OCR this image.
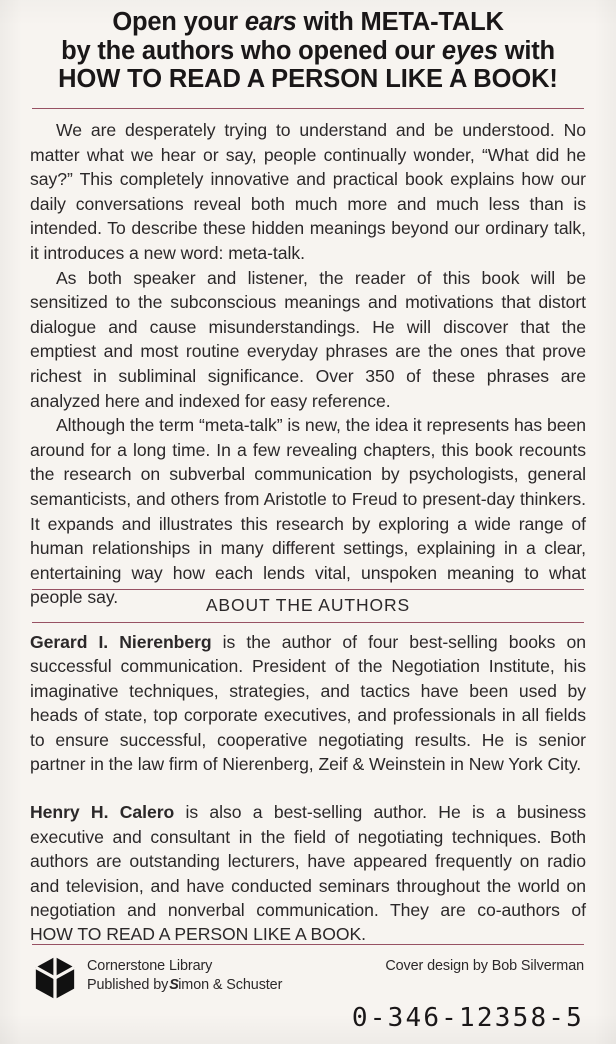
Open your ears with META-TALK
by the authors who opened our eyes with
HOW TO READ A PERSON LIKE A BOOK!

We are desperately trying to understand and be understood. No matter what we hear or say, people continually wonder, “What did he say?” This completely innovative and practical book explains how our daily conversations reveal both much more and much less than is intended. To describe these hidden meanings beyond our ordinary talk, it introduces a new word: meta-talk.

As both speaker and listener, the reader of this book will be sensitized to the subconscious meanings and motivations that distort dialogue and cause misunderstandings. He will discover that the emptiest and most routine everyday phrases are the ones that prove richest in subliminal significance. Over 350 of these phrases are analyzed here and indexed for easy reference.

Although the term “meta-talk” is new, the idea it represents has been around for a long time. In a few revealing chapters, this book recounts the research on subverbal communication by psychologists, general semanticists, and others from Aristotle to Freud to present-day thinkers. It expands and illustrates this research by exploring a wide range of human relationships in many different settings, explaining in a clear, entertaining way how each lends vital, unspoken meaning to what people say.	ABOUT THE AUTHORS

Gerard I. Nierenberg is the author of four best-selling books on successful communication. President of the Negotiation Institute, his imaginative techniques, strategies, and tactics have been used by heads of state, top corporate executives, and professionals in all fields to ensure successful, cooperative negotiating results. He is senior partner in the law firm of Nierenberg, Zeif & Weinstein in New York City.

Henry H. Calero is also a best-selling author. He is a business executive and consultant in the field of negotiating techniques. Both authors are outstanding lecturers, have appeared frequently on radio and television, and have conducted seminars throughout the world on negotiation and nonverbal communication. They are co-authors of HOW TO READ A PERSON LIKE A BOOK.

Cornerstone Library
Published bySimon & Schuster
Cover design by Bob Silverman
0-346-12358-5
